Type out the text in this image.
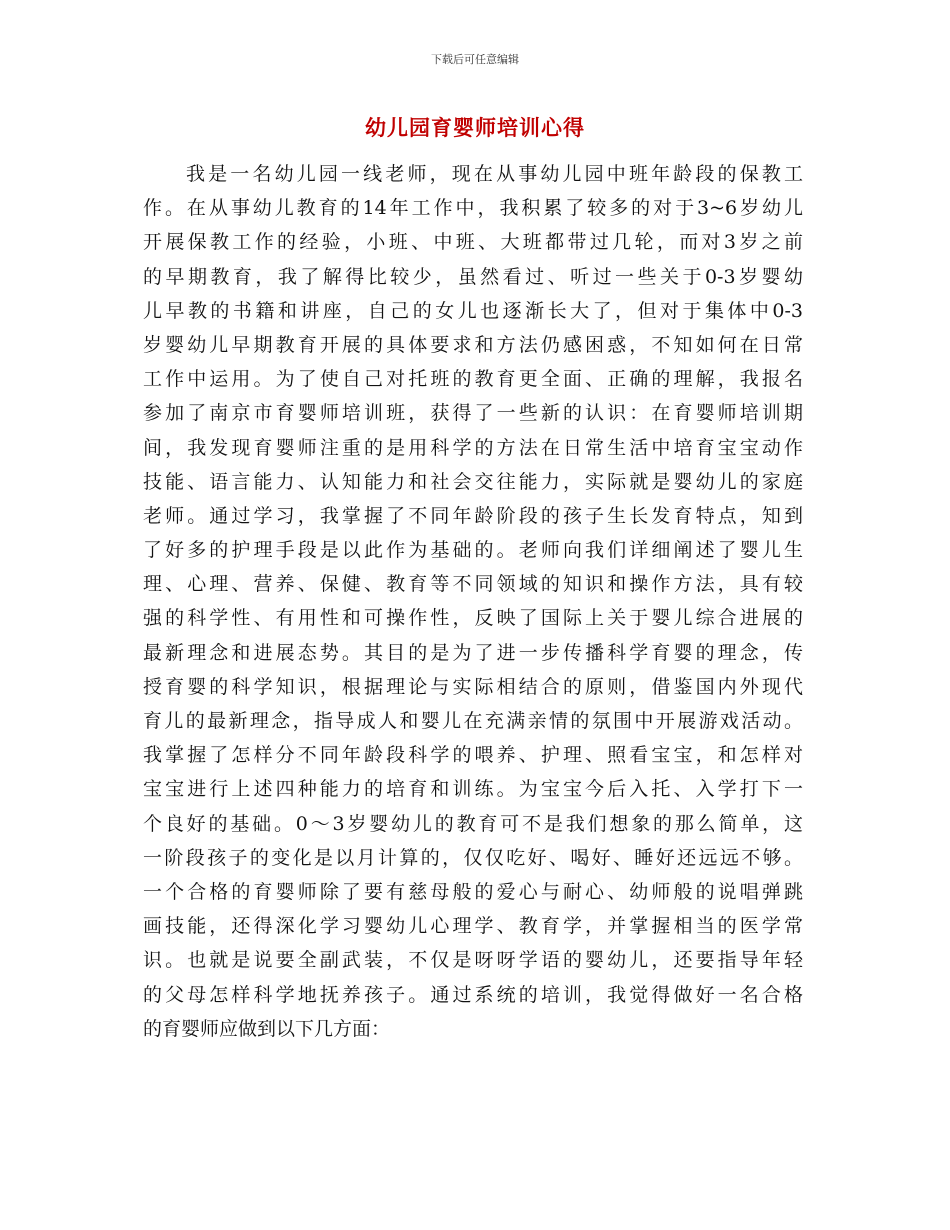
下载后可任意编辑
幼儿园育婴师培训心得
我是一名幼儿园一线老师，现在从事幼儿园中班年龄段的保教工
作。在从事幼儿教育的14年工作中，我积累了较多的对于3~6岁幼儿
开展保教工作的经验，小班、中班、大班都带过几轮，而对3岁之前
的早期教育，我了解得比较少，虽然看过、听过一些关于0-3岁婴幼
儿早教的书籍和讲座，自己的女儿也逐渐长大了，但对于集体中0-3
岁婴幼儿早期教育开展的具体要求和方法仍感困惑，不知如何在日常
工作中运用。为了使自己对托班的教育更全面、正确的理解，我报名
参加了南京市育婴师培训班，获得了一些新的认识：在育婴师培训期
间，我发现育婴师注重的是用科学的方法在日常生活中培育宝宝动作
技能、语言能力、认知能力和社会交往能力，实际就是婴幼儿的家庭
老师。通过学习，我掌握了不同年龄阶段的孩子生长发育特点，知到
了好多的护理手段是以此作为基础的。老师向我们详细阐述了婴儿生
理、心理、营养、保健、教育等不同领域的知识和操作方法，具有较
强的科学性、有用性和可操作性，反映了国际上关于婴儿综合进展的
最新理念和进展态势。其目的是为了进一步传播科学育婴的理念，传
授育婴的科学知识，根据理论与实际相结合的原则，借鉴国内外现代
育儿的最新理念，指导成人和婴儿在充满亲情的氛围中开展游戏活动。
我掌握了怎样分不同年龄段科学的喂养、护理、照看宝宝，和怎样对
宝宝进行上述四种能力的培育和训练。为宝宝今后入托、入学打下一
个良好的基础。0～3岁婴幼儿的教育可不是我们想象的那么简单，这
一阶段孩子的变化是以月计算的，仅仅吃好、喝好、睡好还远远不够。
一个合格的育婴师除了要有慈母般的爱心与耐心、幼师般的说唱弹跳
画技能，还得深化学习婴幼儿心理学、教育学，并掌握相当的医学常
识。也就是说要全副武装，不仅是呀呀学语的婴幼儿，还要指导年轻
的父母怎样科学地抚养孩子。通过系统的培训，我觉得做好一名合格
的育婴师应做到以下几方面：
